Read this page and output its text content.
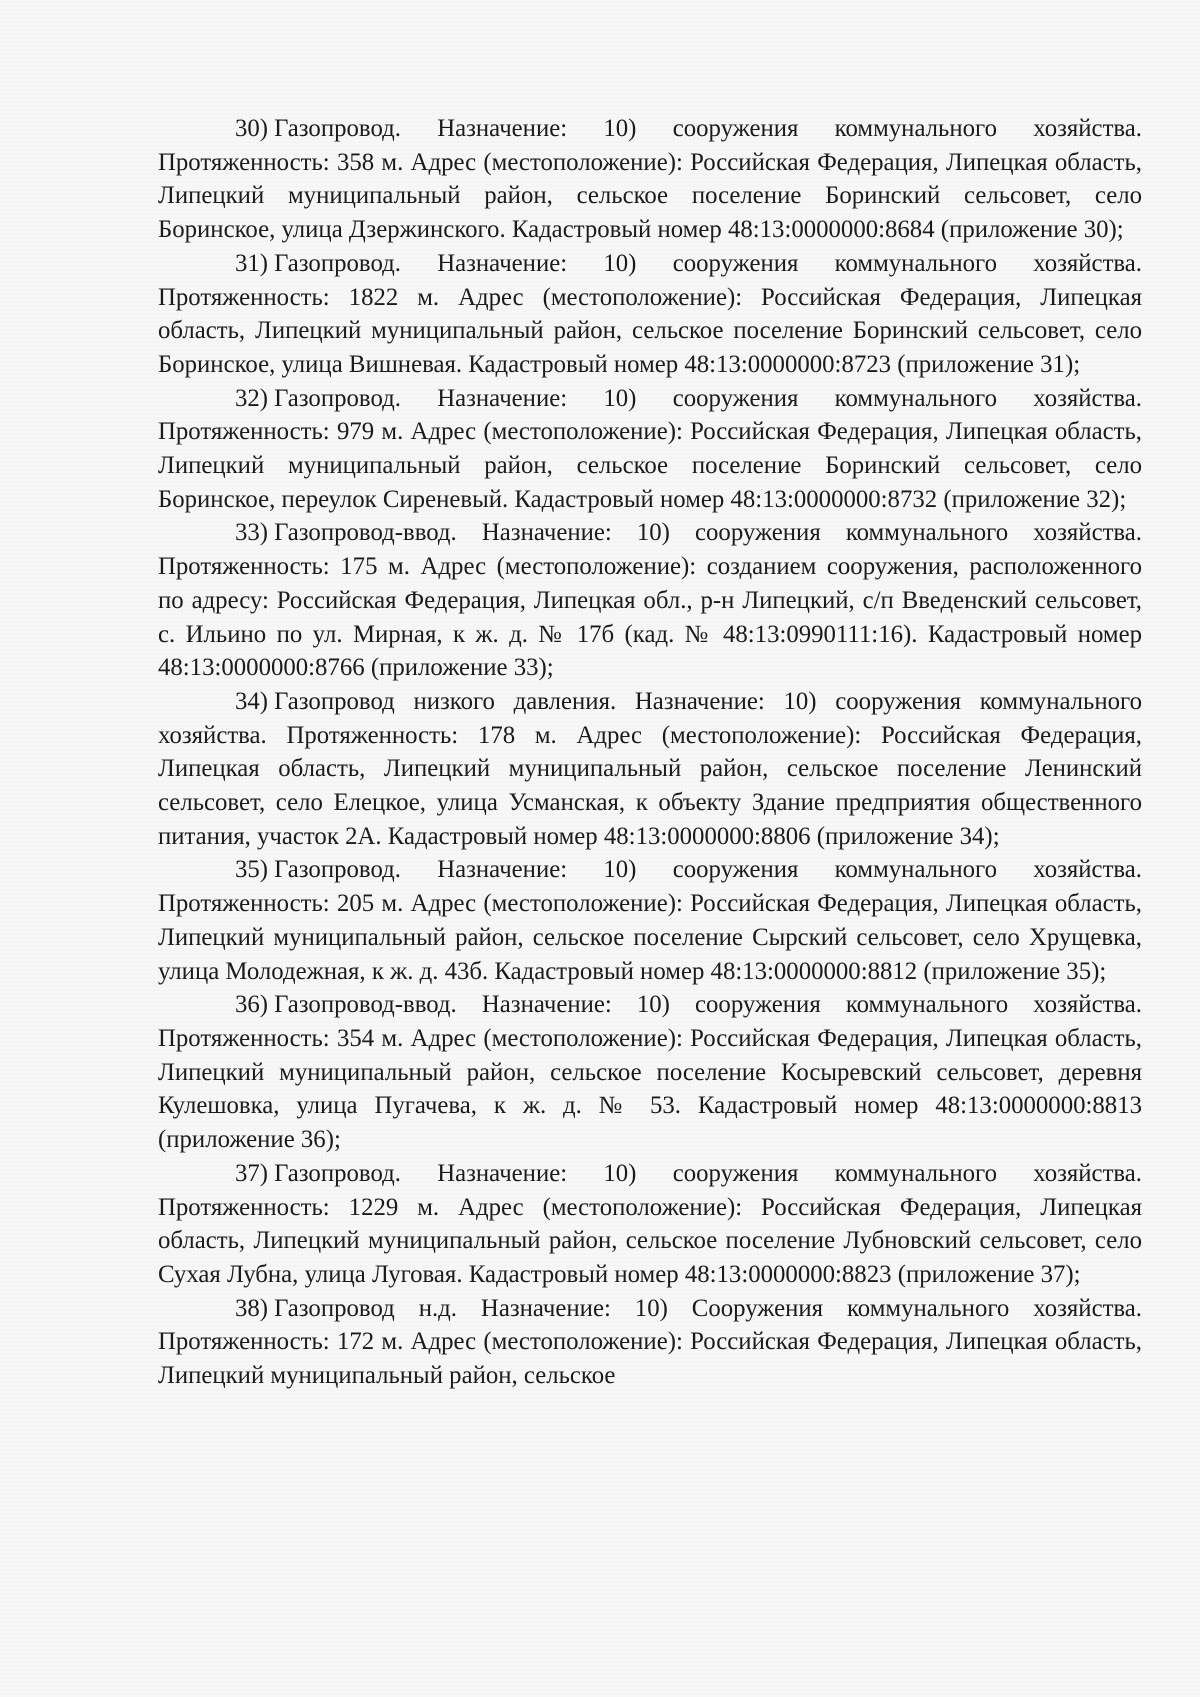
30) Газопровод. Назначение: 10) сооружения коммунального хозяйства. Протяженность: 358 м. Адрес (местоположение): Российская Федерация, Липецкая область, Липецкий муниципальный район, сельское поселение Боринский сельсовет, село Боринское, улица Дзержинского. Кадастровый номер 48:13:0000000:8684 (приложение 30);

31) Газопровод. Назначение: 10) сооружения коммунального хозяйства. Протяженность: 1822 м. Адрес (местоположение): Российская Федерация, Липецкая область, Липецкий муниципальный район, сельское поселение Боринский сельсовет, село Боринское, улица Вишневая. Кадастровый номер 48:13:0000000:8723 (приложение 31);

32) Газопровод. Назначение: 10) сооружения коммунального хозяйства. Протяженность: 979 м. Адрес (местоположение): Российская Федерация, Липецкая область, Липецкий муниципальный район, сельское поселение Боринский сельсовет, село Боринское, переулок Сиреневый. Кадастровый номер 48:13:0000000:8732 (приложение 32);

33) Газопровод-ввод. Назначение: 10) сооружения коммунального хозяйства. Протяженность: 175 м. Адрес (местоположение): созданием сооружения, расположенного по адресу: Российская Федерация, Липецкая обл., р-н Липецкий, с/п Введенский сельсовет, с. Ильино по ул. Мирная, к ж. д. № 17б (кад. № 48:13:0990111:16). Кадастровый номер 48:13:0000000:8766 (приложение 33);

34) Газопровод низкого давления. Назначение: 10) сооружения коммунального хозяйства. Протяженность: 178 м. Адрес (местоположение): Российская Федерация, Липецкая область, Липецкий муниципальный район, сельское поселение Ленинский сельсовет, село Елецкое, улица Усманская, к объекту Здание предприятия общественного питания, участок 2А. Кадастровый номер 48:13:0000000:8806 (приложение 34);

35) Газопровод. Назначение: 10) сооружения коммунального хозяйства. Протяженность: 205 м. Адрес (местоположение): Российская Федерация, Липецкая область, Липецкий муниципальный район, сельское поселение Сырский сельсовет, село Хрущевка, улица Молодежная, к ж. д. 43б. Кадастровый номер 48:13:0000000:8812 (приложение 35);

36) Газопровод-ввод. Назначение: 10) сооружения коммунального хозяйства. Протяженность: 354 м. Адрес (местоположение): Российская Федерация, Липецкая область, Липецкий муниципальный район, сельское поселение Косыревский сельсовет, деревня Кулешовка, улица Пугачева, к ж. д. № 53. Кадастровый номер 48:13:0000000:8813 (приложение 36);

37) Газопровод. Назначение: 10) сооружения коммунального хозяйства. Протяженность: 1229 м. Адрес (местоположение): Российская Федерация, Липецкая область, Липецкий муниципальный район, сельское поселение Лубновский сельсовет, село Сухая Лубна, улица Луговая. Кадастровый номер 48:13:0000000:8823 (приложение 37);

38) Газопровод н.д. Назначение: 10) Сооружения коммунального хозяйства. Протяженность: 172 м. Адрес (местоположение): Российская Федерация, Липецкая область, Липецкий муниципальный район, сельское
